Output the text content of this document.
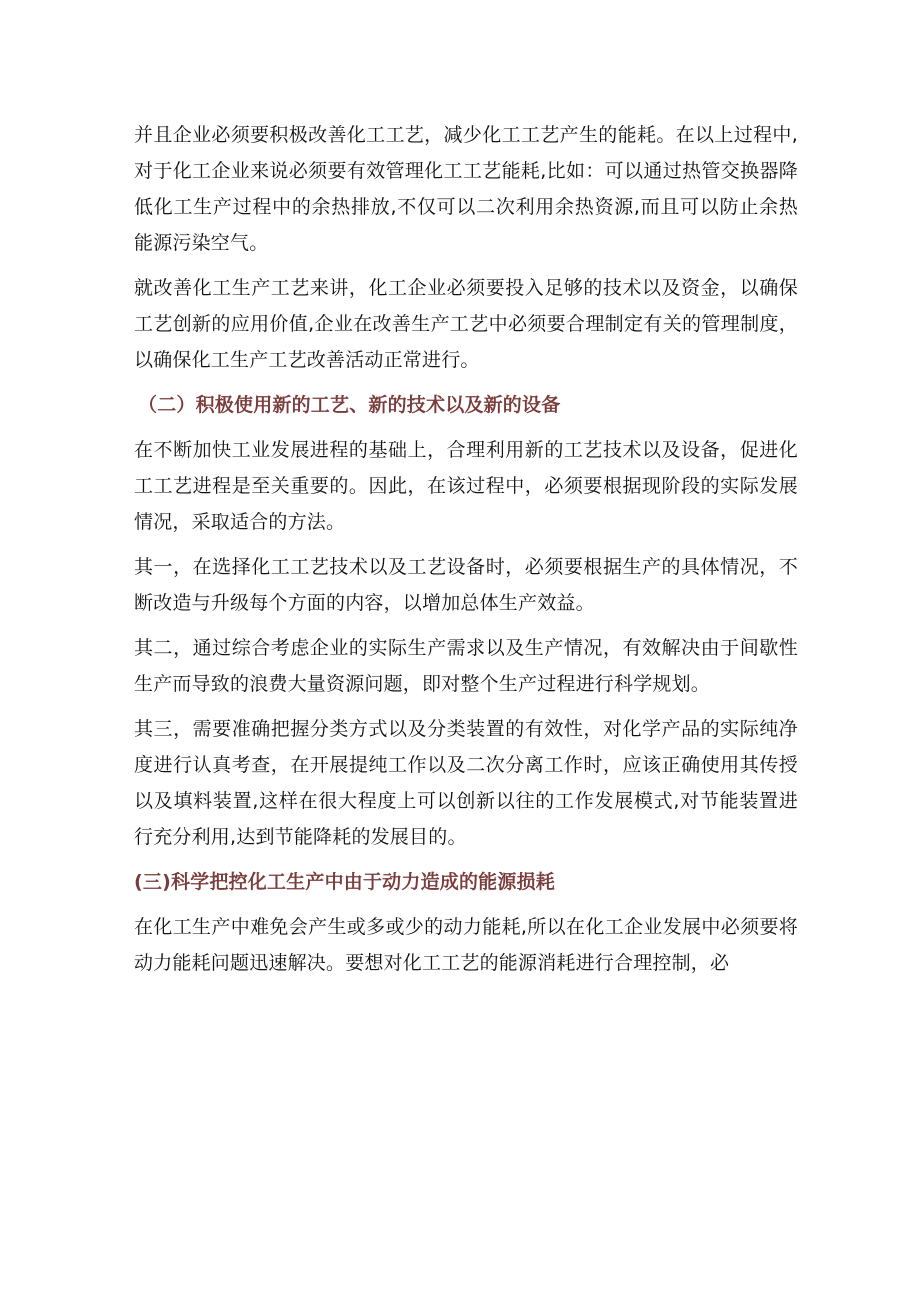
并且企业必须要积极改善化工工艺，减少化工工艺产生的能耗。在以上过程中,对于化工企业来说必须要有效管理化工工艺能耗,比如：可以通过热管交换器降低化工生产过程中的余热排放,不仅可以二次利用余热资源,而且可以防止余热能源污染空气。

就改善化工生产工艺来讲，化工企业必须要投入足够的技术以及资金，以确保工艺创新的应用价值,企业在改善生产工艺中必须要合理制定有关的管理制度，以确保化工生产工艺改善活动正常进行。

（二）积极使用新的工艺、新的技术以及新的设备

在不断加快工业发展进程的基础上，合理利用新的工艺技术以及设备，促进化工工艺进程是至关重要的。因此，在该过程中，必须要根据现阶段的实际发展情况，采取适合的方法。

其一，在选择化工工艺技术以及工艺设备时，必须要根据生产的具体情况，不断改造与升级每个方面的内容，以增加总体生产效益。

其二，通过综合考虑企业的实际生产需求以及生产情况，有效解决由于间歇性生产而导致的浪费大量资源问题，即对整个生产过程进行科学规划。

其三，需要准确把握分类方式以及分类装置的有效性，对化学产品的实际纯净度进行认真考查，在开展提纯工作以及二次分离工作时，应该正确使用其传授以及填料装置,这样在很大程度上可以创新以往的工作发展模式,对节能装置进行充分利用,达到节能降耗的发展目的。

(三)科学把控化工生产中由于动力造成的能源损耗

在化工生产中难免会产生或多或少的动力能耗,所以在化工企业发展中必须要将动力能耗问题迅速解决。要想对化工工艺的能源消耗进行合理控制，必
